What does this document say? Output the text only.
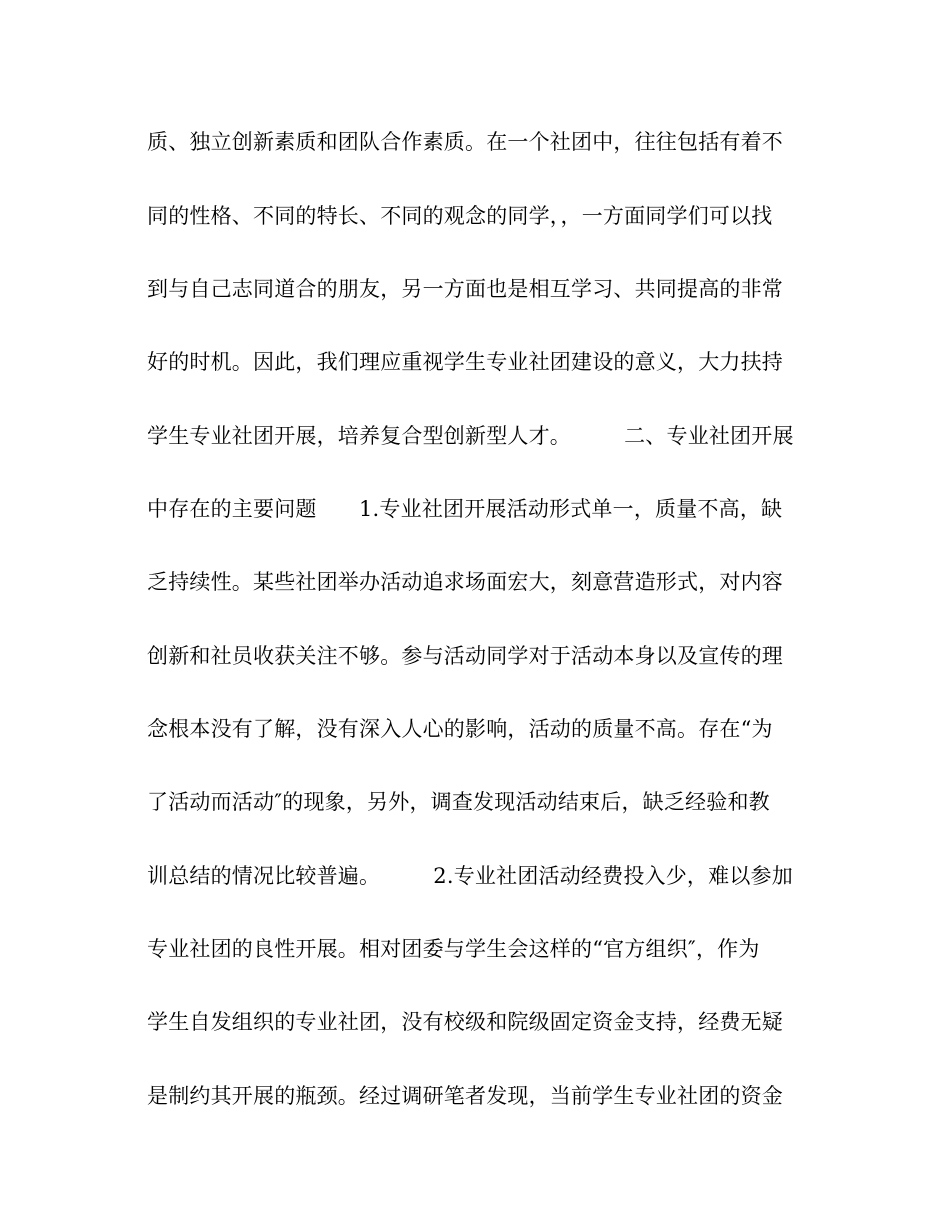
质、独立创新素质和团队合作素质。在一个社团中，往往包括有着不
同的性格、不同的特长、不同的观念的同学，，一方面同学们可以找
到与自己志同道合的朋友，另一方面也是相互学习、共同提高的非常
好的时机。因此，我们理应重视学生专业社团建设的意义，大力扶持
学生专业社团开展，培养复合型创新型人才。　　　二、专业社团开展
中存在的主要问题　　1.专业社团开展活动形式单一，质量不高，缺
乏持续性。某些社团举办活动追求场面宏大，刻意营造形式，对内容
创新和社员收获关注不够。参与活动同学对于活动本身以及宣传的理
念根本没有了解，没有深入人心的影响，活动的质量不高。存在“为
了活动而活动″的现象，另外，调查发现活动结束后，缺乏经验和教
训总结的情况比较普遍。　　　2.专业社团活动经费投入少，难以参加
专业社团的良性开展。相对团委与学生会这样的“官方组织″，作为
学生自发组织的专业社团，没有校级和院级固定资金支持，经费无疑
是制约其开展的瓶颈。经过调研笔者发现，当前学生专业社团的资金
